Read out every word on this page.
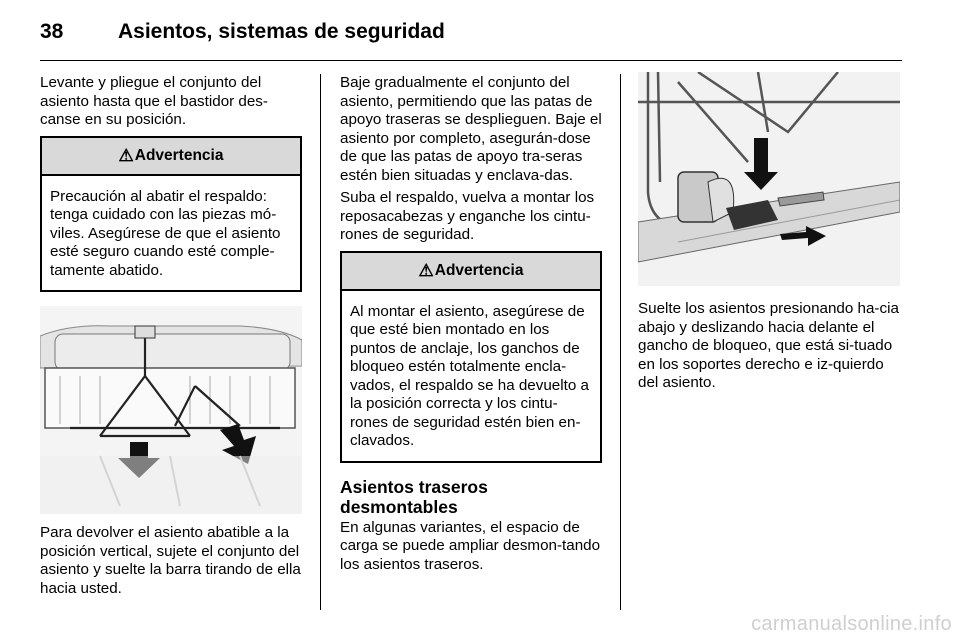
38	Asientos, sistemas de seguridad

Levante y pliegue el conjunto del asiento hasta que el bastidor des-canse en su posición.

⚠ Advertencia
Precaución al abatir el respaldo: tenga cuidado con las piezas mó-viles. Asegúrese de que el asiento esté seguro cuando esté comple-tamente abatido.

Para devolver el asiento abatible a la posición vertical, sujete el conjunto del asiento y suelte la barra tirando de ella hacia usted.

Baje gradualmente el conjunto del asiento, permitiendo que las patas de apoyo traseras se desplieguen. Baje el asiento por completo, asegurán-dose de que las patas de apoyo tra-seras estén bien situadas y enclava-das.

Suba el respaldo, vuelva a montar los reposacabezas y enganche los cintu-rones de seguridad.

⚠ Advertencia
Al montar el asiento, asegúrese de que esté bien montado en los puntos de anclaje, los ganchos de bloqueo estén totalmente encla-vados, el respaldo se ha devuelto a la posición correcta y los cintu-rones de seguridad estén bien en-clavados.
Asientos traseros desmontables

En algunas variantes, el espacio de carga se puede ampliar desmon-tando los asientos traseros.

Suelte los asientos presionando ha-cia abajo y deslizando hacia delante el gancho de bloqueo, que está si-tuado en los soportes derecho e iz-quierdo del asiento.

carmanualsonline.info
